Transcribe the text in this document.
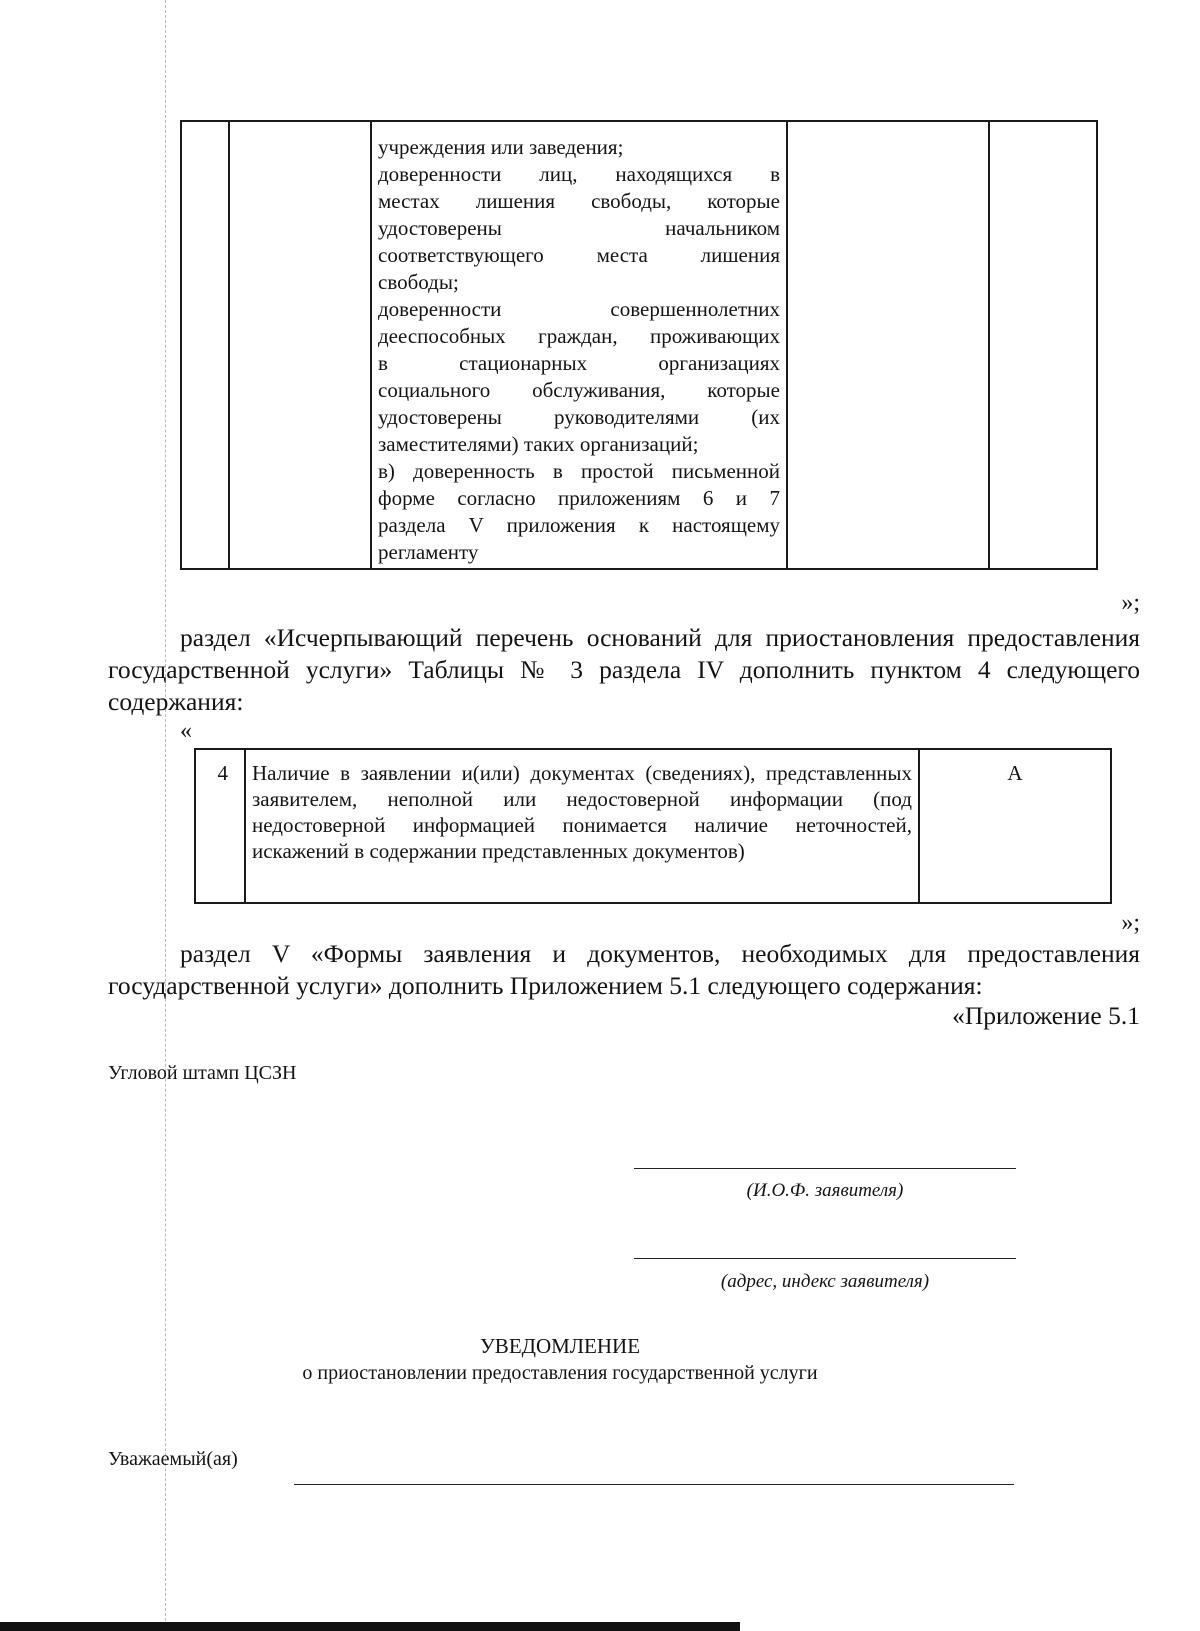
учреждения или заведения;
доверенности лиц, находящихся в
местах лишения свободы, которые
удостоверены начальником
соответствующего места лишения
свободы;
доверенности совершеннолетних
дееспособных граждан, проживающих
в стационарных организациях
социального обслуживания, которые
удостоверены руководителями (их
заместителями) таких организаций;
в) доверенность в простой письменной
форме согласно приложениям 6 и 7
раздела V приложения к настоящему
регламенту

»;
раздел «Исчерпывающий перечень оснований для приостановления предоставления государственной услуги» Таблицы № 3 раздела IV дополнить пунктом 4 следующего содержания:
«
4	Наличие в заявлении и(или) документах (сведениях), представленных заявителем, неполной или недостоверной информации (под недостоверной информацией понимается наличие неточностей, искажений в содержании представленных документов)	А
»;
раздел V «Формы заявления и документов, необходимых для предоставления государственной услуги» дополнить Приложением 5.1 следующего содержания:
«Приложение 5.1
Угловой штамп ЦСЗН
(И.О.Ф. заявителя)
(адрес, индекс заявителя)
УВЕДОМЛЕНИЕ
о приостановлении предоставления государственной услуги
Уважаемый(ая)
